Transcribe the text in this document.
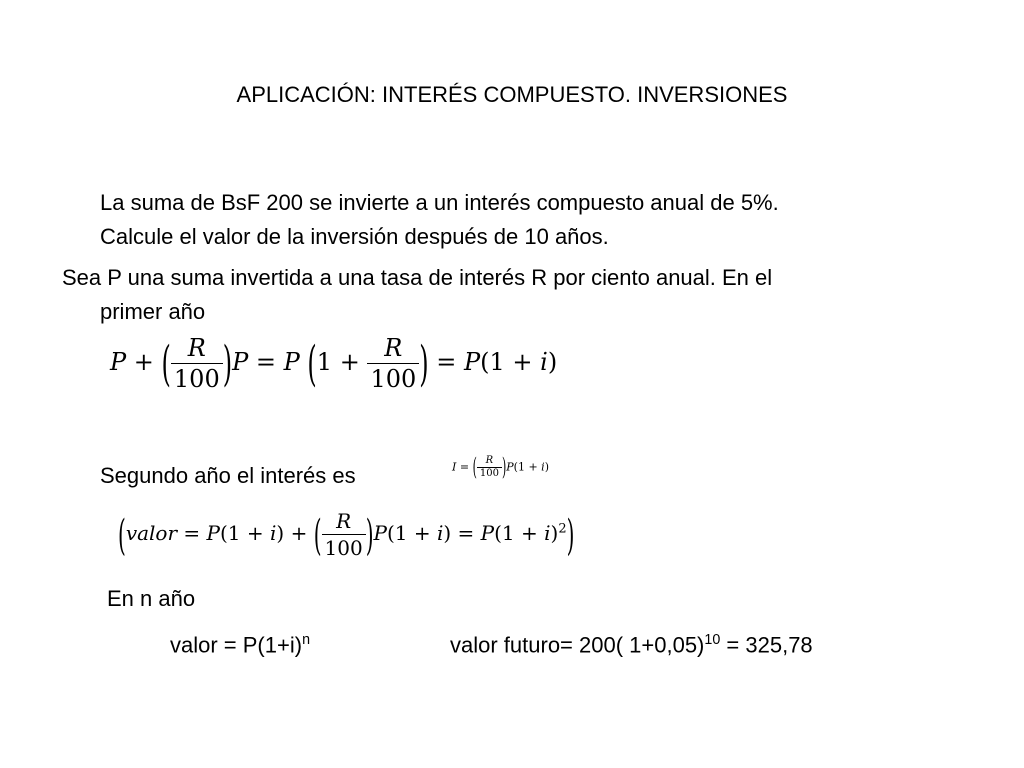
APLICACIÓN: INTERÉS COMPUESTO. INVERSIONES
La suma de BsF 200 se invierte a un interés compuesto anual de 5%.
Calcule el valor de la inversión después de 10 años.
Sea P una suma invertida a una tasa de interés R por ciento anual. En el
primer año
P + ( $\frac{R}{100} )P = P$ ($1 + \frac{R}{100}$ ) = P(1 + i)
Segundo año el interés es	I = ( $\frac{R}{100} )P(1 + i)$
(valor = P(1 + i) + ( $\frac{R}{100} )P(1 + i) = P(1 + i)^2$)
En n año
valor = $P(1+i)^n$	valor futuro= 200( 1+0,05)$^{10}$ = 325,78
